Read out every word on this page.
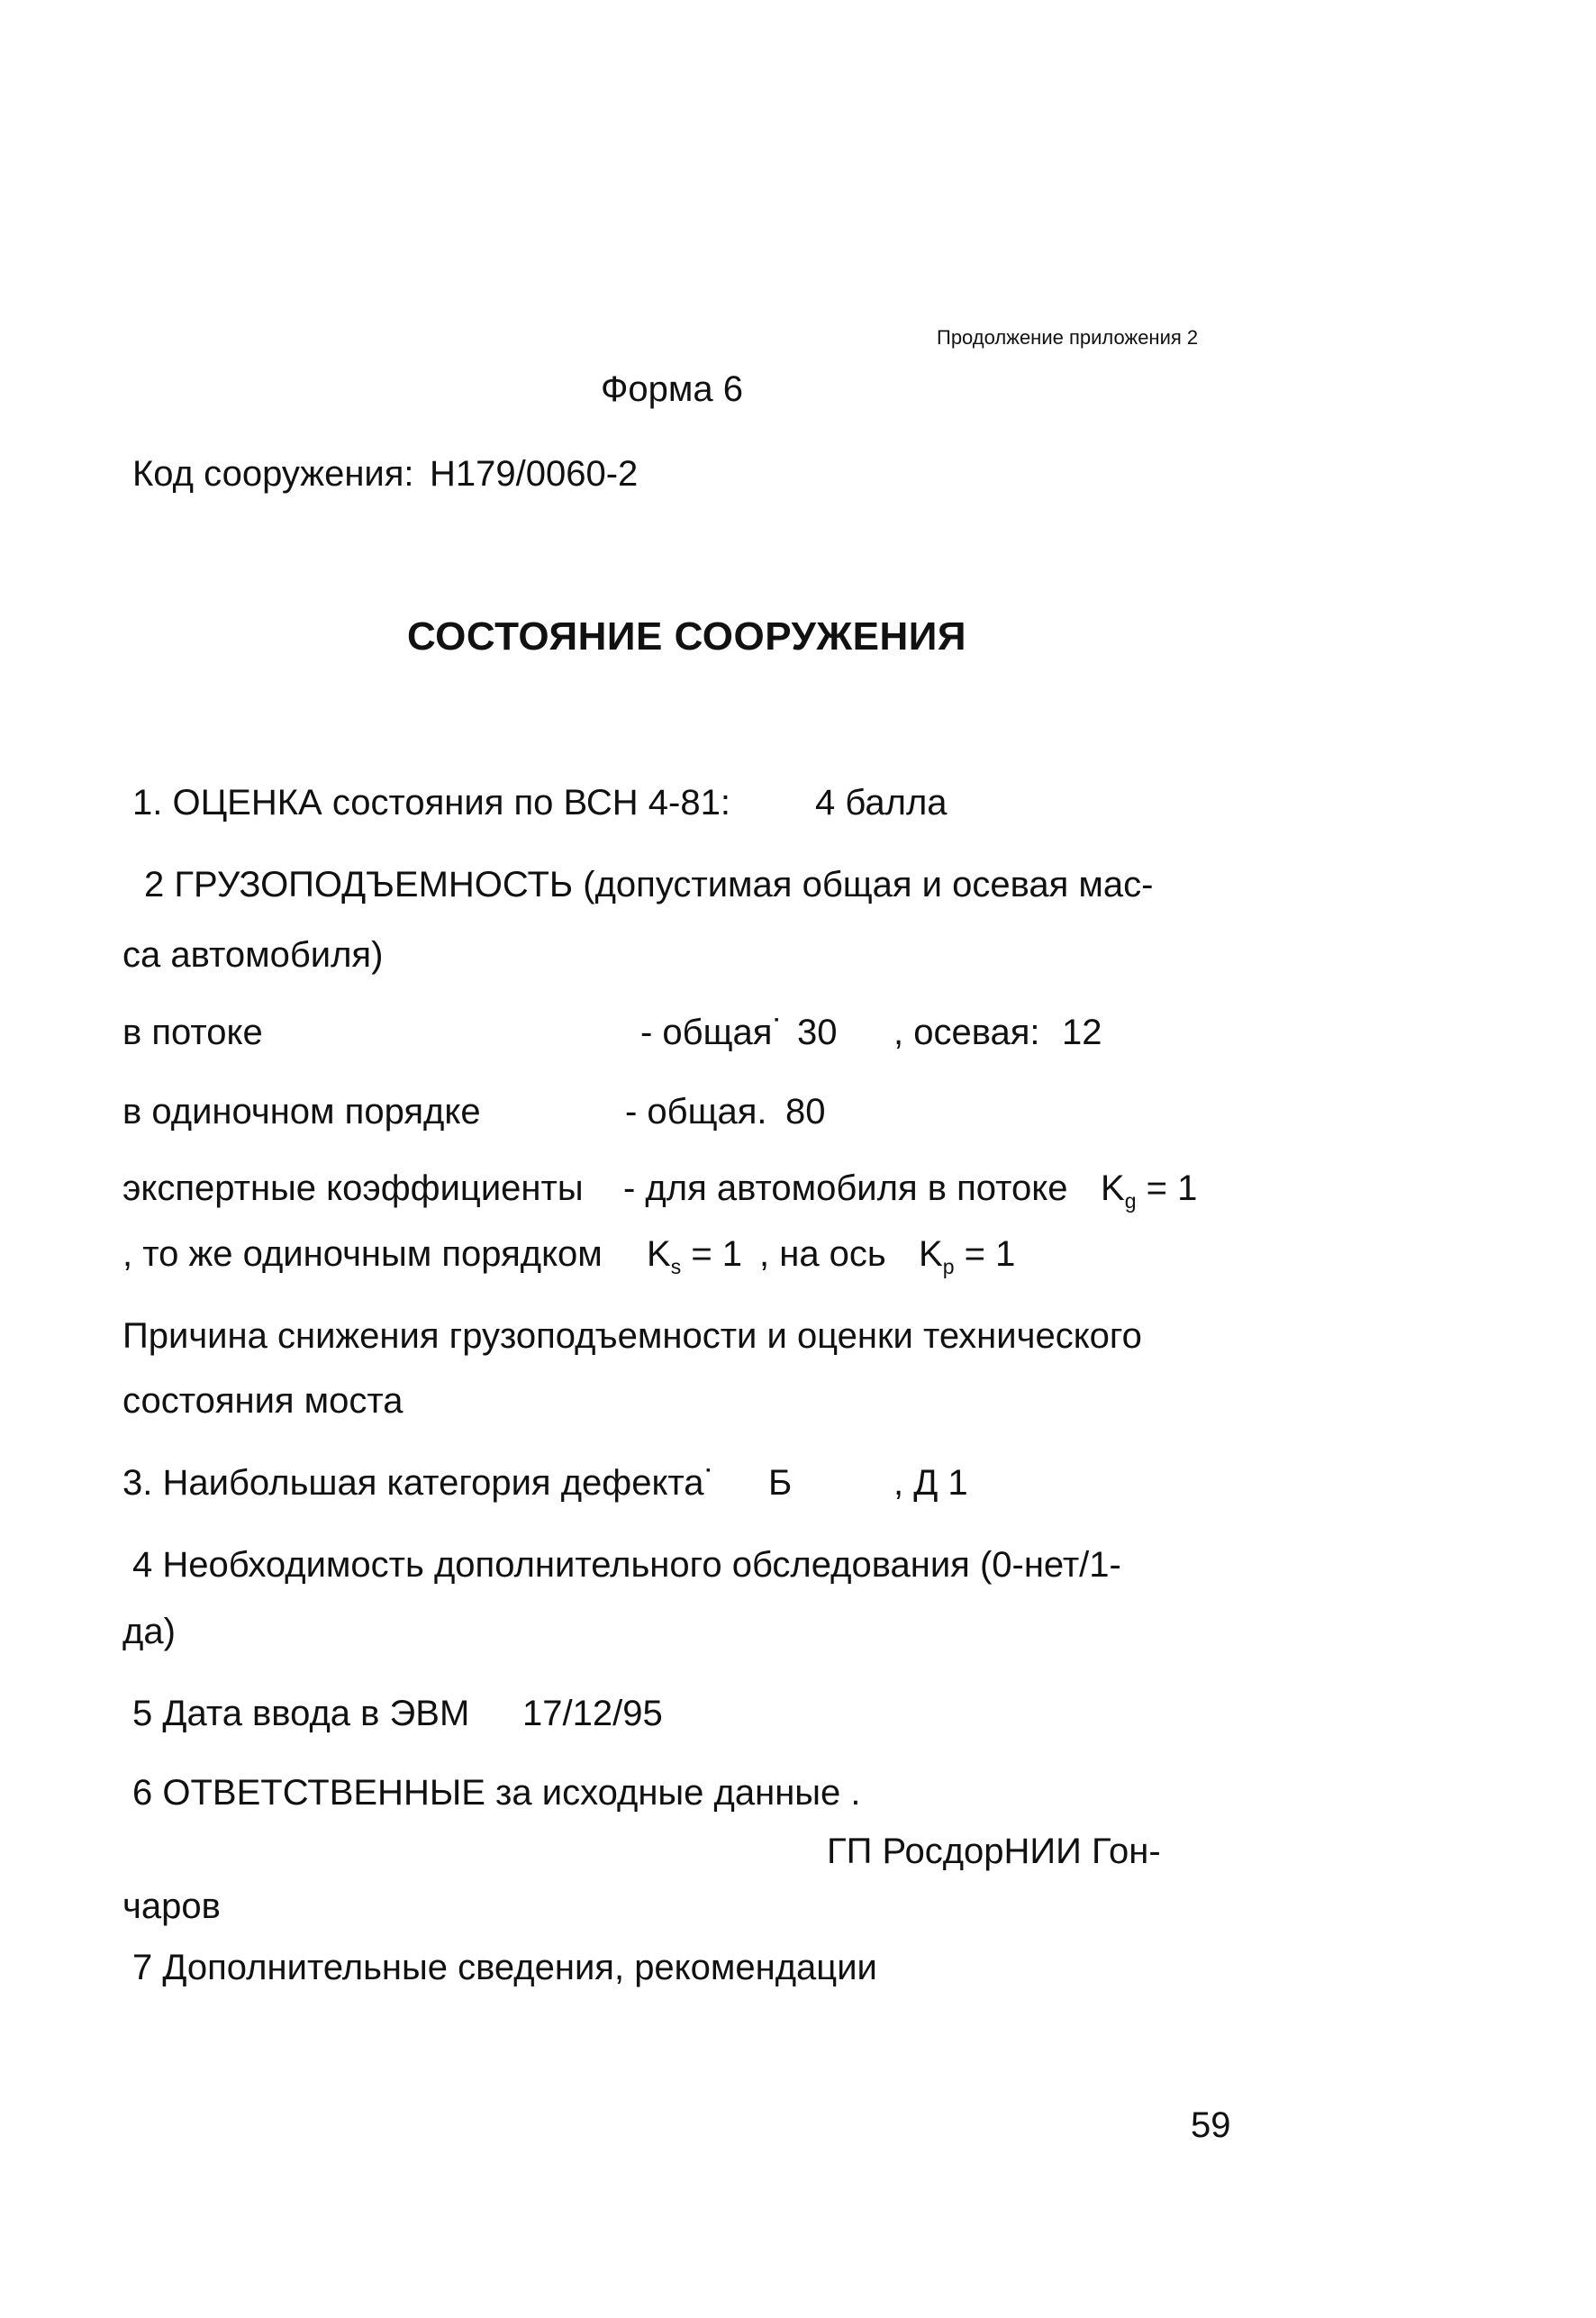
Продолжение приложения 2
Форма 6
Код сооружения: Н179/0060-2
СОСТОЯНИЕ СООРУЖЕНИЯ
1. ОЦЕНКА состояния по ВСН 4-81: 4 балла
2 ГРУЗОПОДЪЕМНОСТЬ (допустимая общая и осевая мас-
са автомобиля)
в потоке	- общая˙ 30 , осевая: 12
в одиночном порядке	- общая. 80
экспертные коэффициенты - для автомобиля в потоке $K_g = 1$
, то же одиночным порядком $K_s = 1$ , на ось $K_p = 1$
Причина снижения грузоподъемности и оценки технического
состояния моста
3. Наибольшая категория дефекта˙ Б	, Д 1
4 Необходимость дополнительного обследования (0-нет/1-
да)
5 Дата ввода в ЭВМ 17/12/95
6 ОТВЕТСТВЕННЫЕ за исходные данные .
ГП РосдорНИИ Гон-
чаров
7 Дополнительные сведения, рекомендации
59
